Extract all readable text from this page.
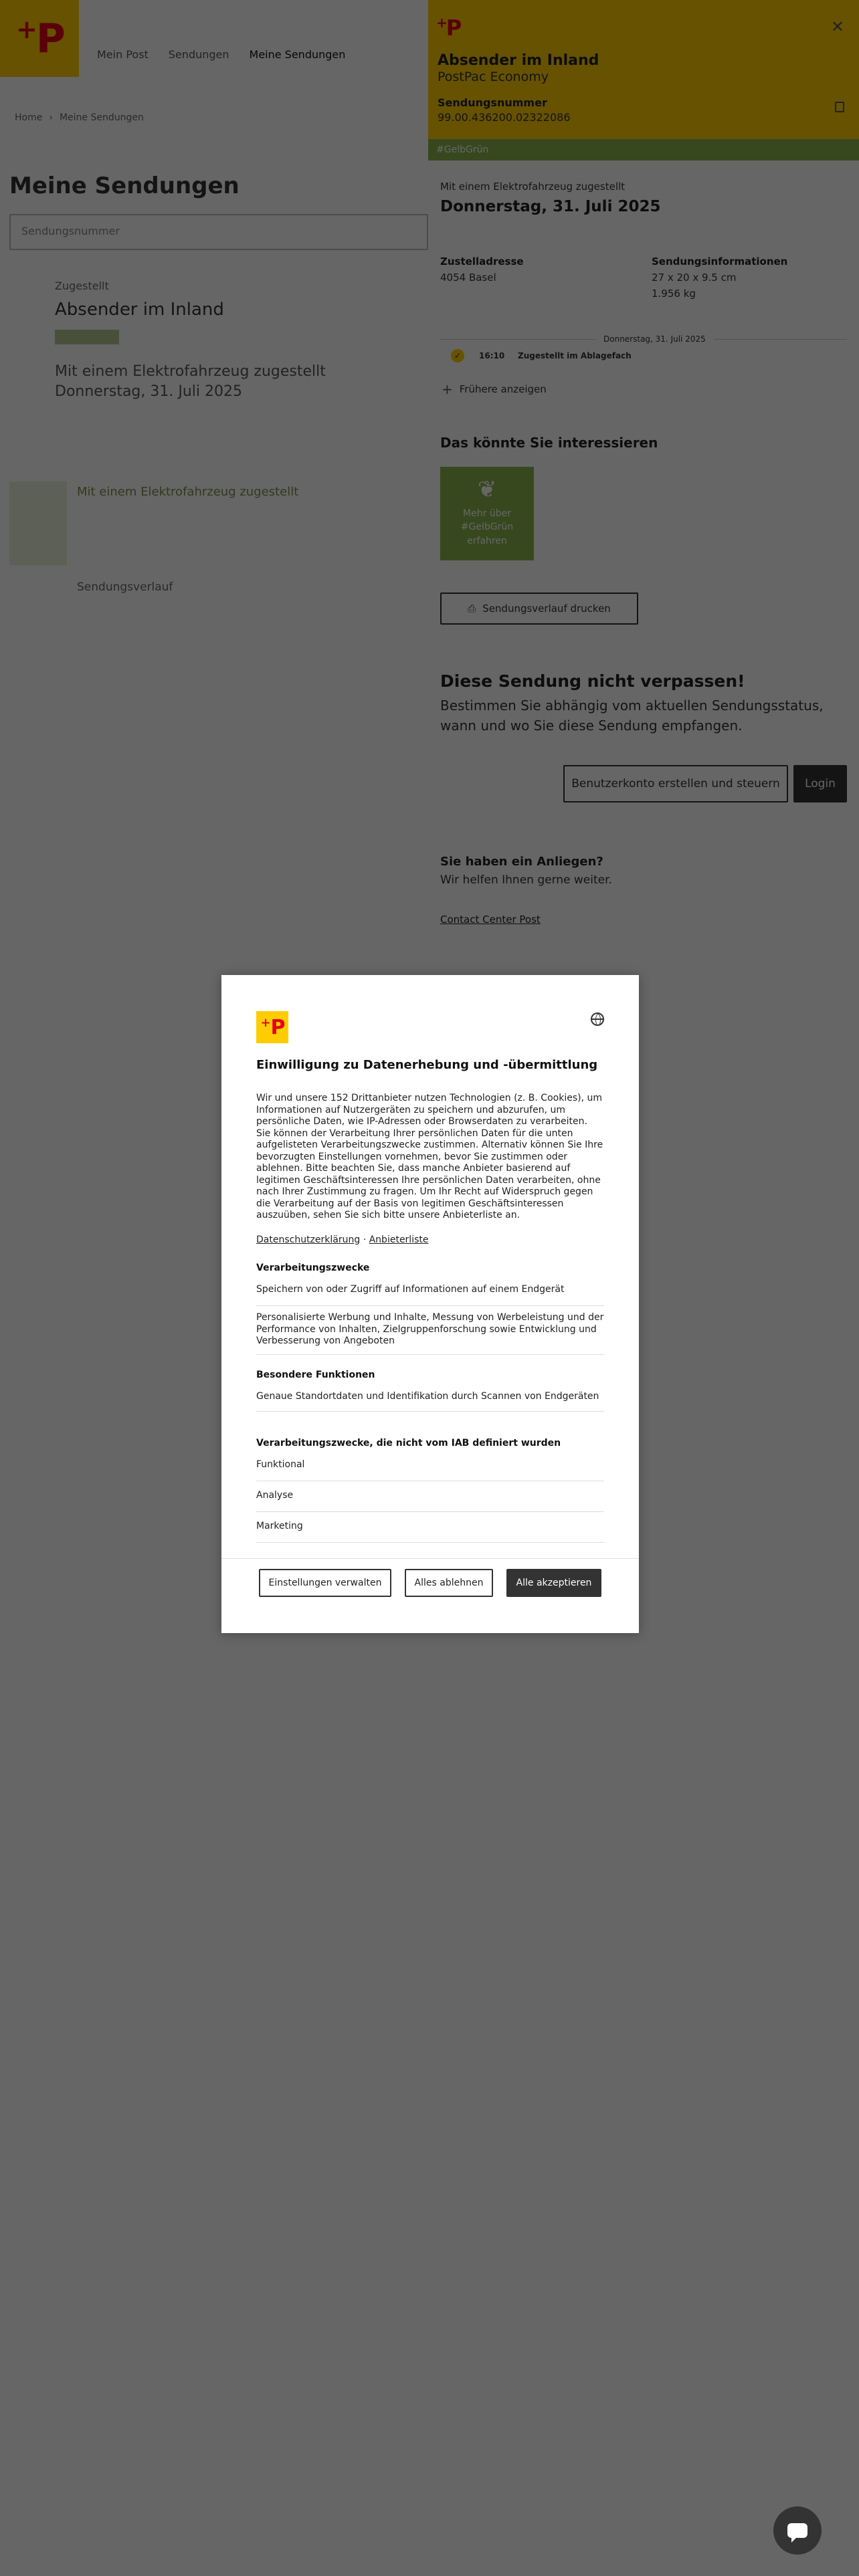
+P
Einwilligung zu Datenerhebung und -übermittlung
Wir und unsere 152 Drittanbieter nutzen Technologien (z. B. Cookies), um Informationen auf Nutzergeräten zu speichern und abzurufen, um persönliche Daten, wie IP-Adressen oder Browserdaten zu verarbeiten. Sie können der Verarbeitung Ihrer persönlichen Daten für die unten aufgelisteten Verarbeitungszwecke zustimmen. Alternativ können Sie Ihre bevorzugten Einstellungen vornehmen, bevor Sie zustimmen oder ablehnen. Bitte beachten Sie, dass manche Anbieter basierend auf legitimen Geschäftsinteressen Ihre persönlichen Daten verarbeiten, ohne nach Ihrer Zustimmung zu fragen. Um Ihr Recht auf Widerspruch gegen die Verarbeitung auf der Basis von legitimen Geschäftsinteressen auszuüben, sehen Sie sich bitte unsere Anbieterliste an.
Datenschutzerklärung · Anbieterliste
Verarbeitungszwecke
Speichern von oder Zugriff auf Informationen auf einem Endgerät
Personalisierte Werbung und Inhalte, Messung von Werbeleistung und der Performance von Inhalten, Zielgruppenforschung sowie Entwicklung und Verbesserung von Angeboten
Besondere Funktionen
Genaue Standortdaten und Identifikation durch Scannen von Endgeräten
Verarbeitungszwecke, die nicht vom IAB definiert wurden
Funktional
Analyse
Marketing
Einstellungen verwalten	Alles ablehnen	Alle akzeptieren
